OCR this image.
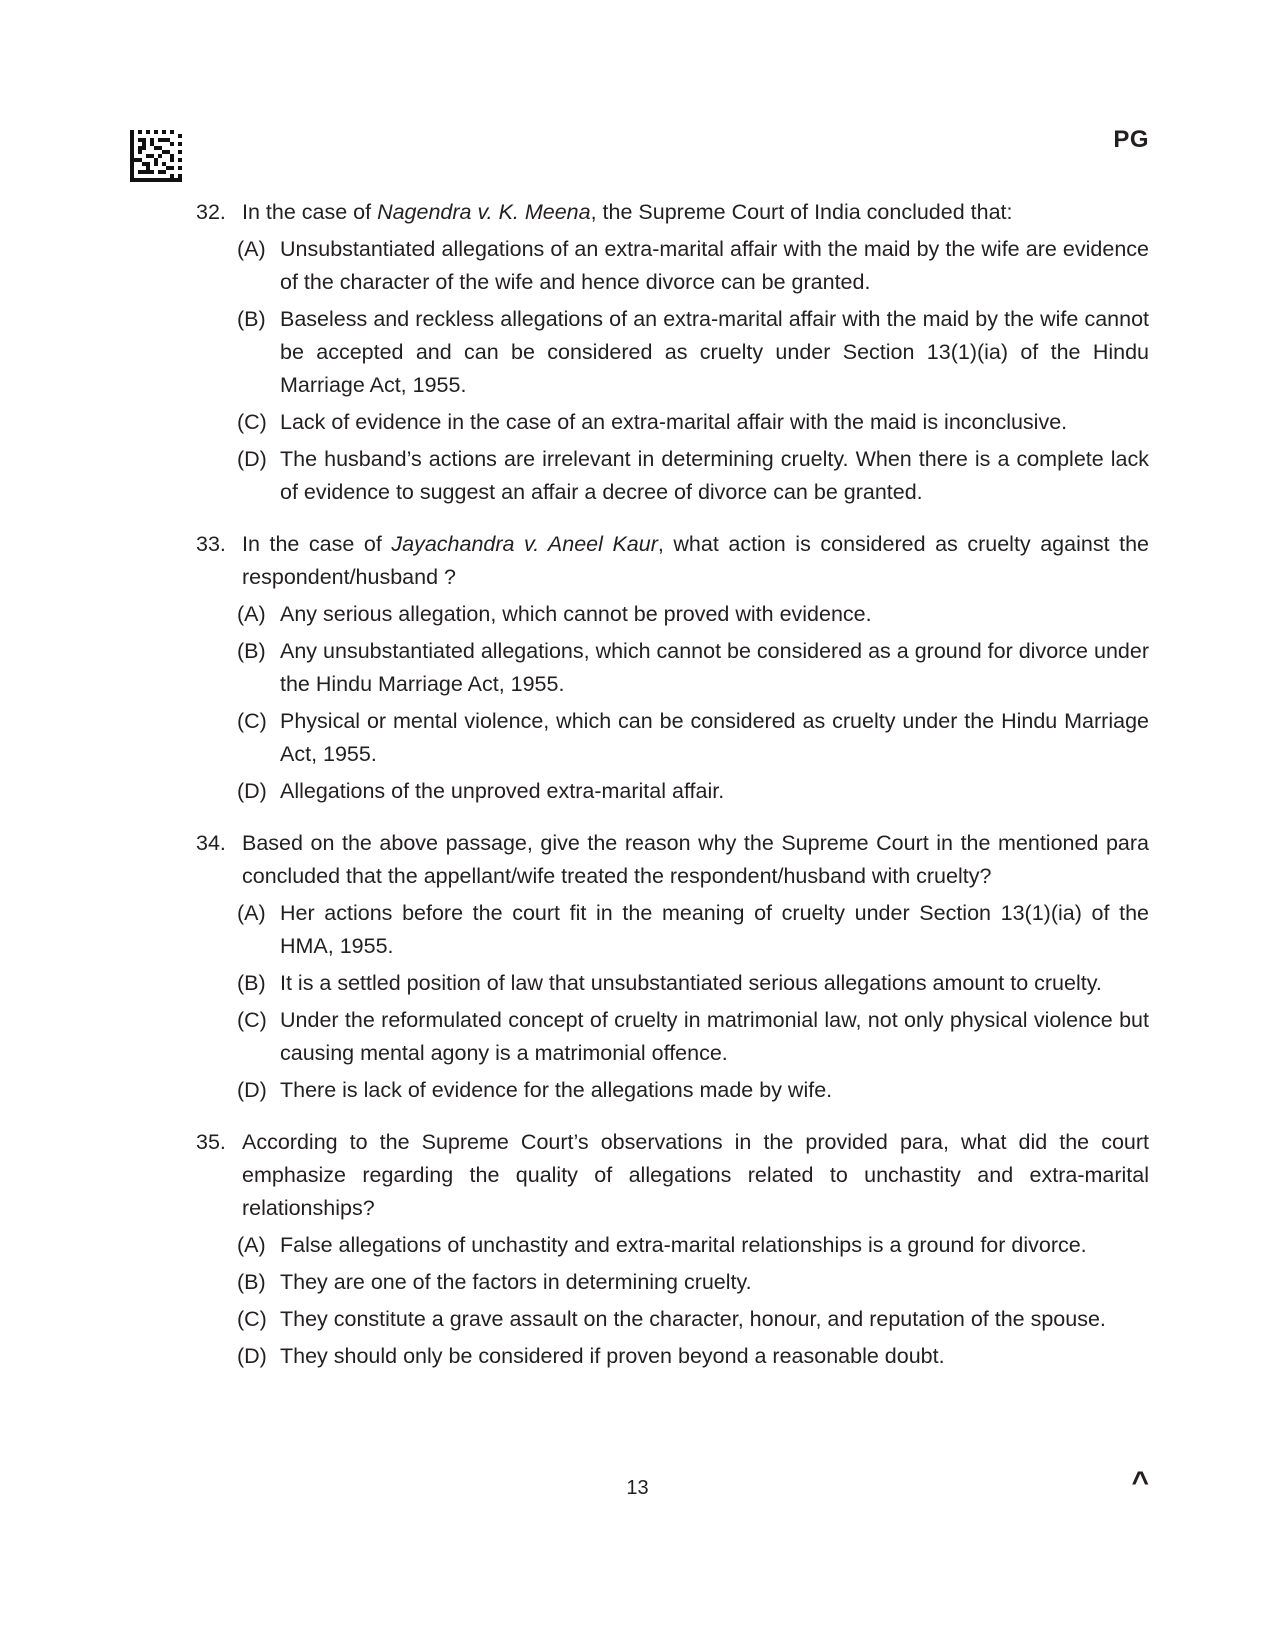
PG
32. In the case of Nagendra v. K. Meena, the Supreme Court of India concluded that:
(A) Unsubstantiated allegations of an extra-marital affair with the maid by the wife are evidence of the character of the wife and hence divorce can be granted.
(B) Baseless and reckless allegations of an extra-marital affair with the maid by the wife cannot be accepted and can be considered as cruelty under Section 13(1)(ia) of the Hindu Marriage Act, 1955.
(C) Lack of evidence in the case of an extra-marital affair with the maid is inconclusive.
(D) The husband’s actions are irrelevant in determining cruelty. When there is a complete lack of evidence to suggest an affair a decree of divorce can be granted.
33. In the case of Jayachandra v. Aneel Kaur, what action is considered as cruelty against the respondent/husband ?
(A) Any serious allegation, which cannot be proved with evidence.
(B) Any unsubstantiated allegations, which cannot be considered as a ground for divorce under the Hindu Marriage Act, 1955.
(C) Physical or mental violence, which can be considered as cruelty under the Hindu Marriage Act, 1955.
(D) Allegations of the unproved extra-marital affair.
34. Based on the above passage, give the reason why the Supreme Court in the mentioned para concluded that the appellant/wife treated the respondent/husband with cruelty?
(A) Her actions before the court fit in the meaning of cruelty under Section 13(1)(ia) of the HMA, 1955.
(B) It is a settled position of law that unsubstantiated serious allegations amount to cruelty.
(C) Under the reformulated concept of cruelty in matrimonial law, not only physical violence but causing mental agony is a matrimonial offence.
(D) There is lack of evidence for the allegations made by wife.
35. According to the Supreme Court’s observations in the provided para, what did the court emphasize regarding the quality of allegations related to unchastity and extra-marital relationships?
(A) False allegations of unchastity and extra-marital relationships is a ground for divorce.
(B) They are one of the factors in determining cruelty.
(C) They constitute a grave assault on the character, honour, and reputation of the spouse.
(D) They should only be considered if proven beyond a reasonable doubt.
13	^
